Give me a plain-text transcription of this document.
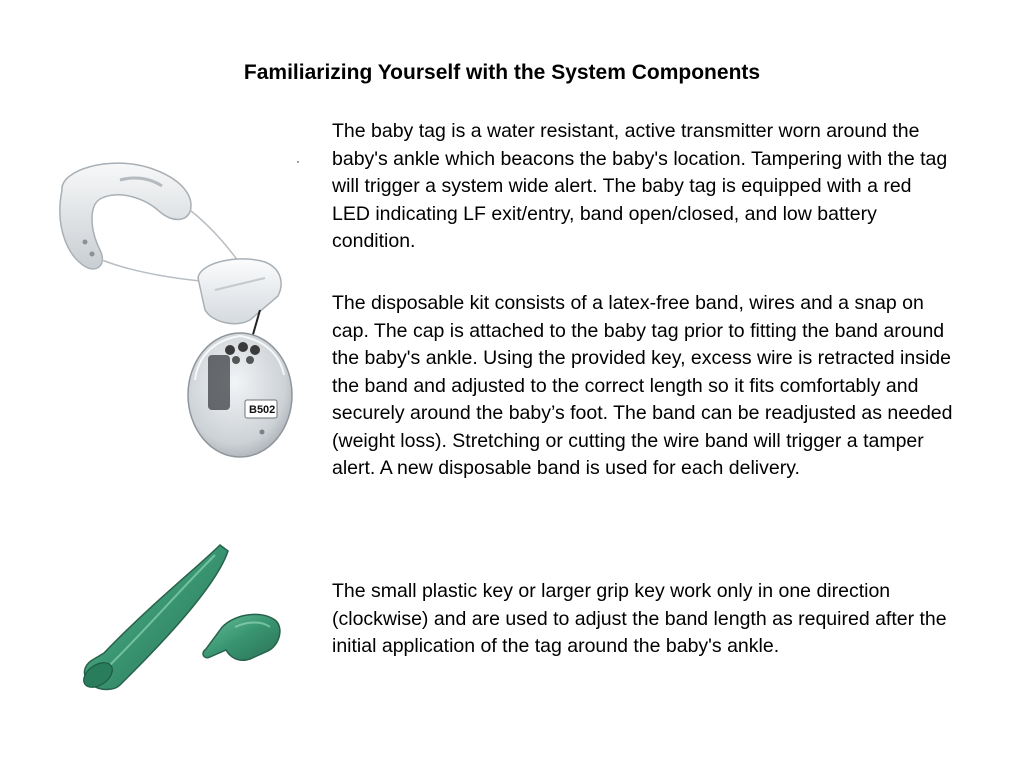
Familiarizing Yourself with the System Components
B502

The baby tag is a water resistant, active transmitter worn around the baby's ankle which beacons the baby's location. Tampering with the tag will trigger a system wide alert. The baby tag is equipped with a red LED indicating LF exit/entry, band open/closed, and low battery condition.

The disposable kit consists of a latex-free band, wires and a snap on cap. The cap is attached to the baby tag prior to fitting the band around the baby's ankle. Using the provided key, excess wire is retracted inside the band and adjusted to the correct length so it fits comfortably and securely around the baby’s foot. The band can be readjusted as needed (weight loss). Stretching or cutting the wire band will trigger a tamper alert. A new disposable band is used for each delivery.

The small plastic key or larger grip key work only in one direction (clockwise) and are used to adjust the band length as required after the initial application of the tag around the baby's ankle.
